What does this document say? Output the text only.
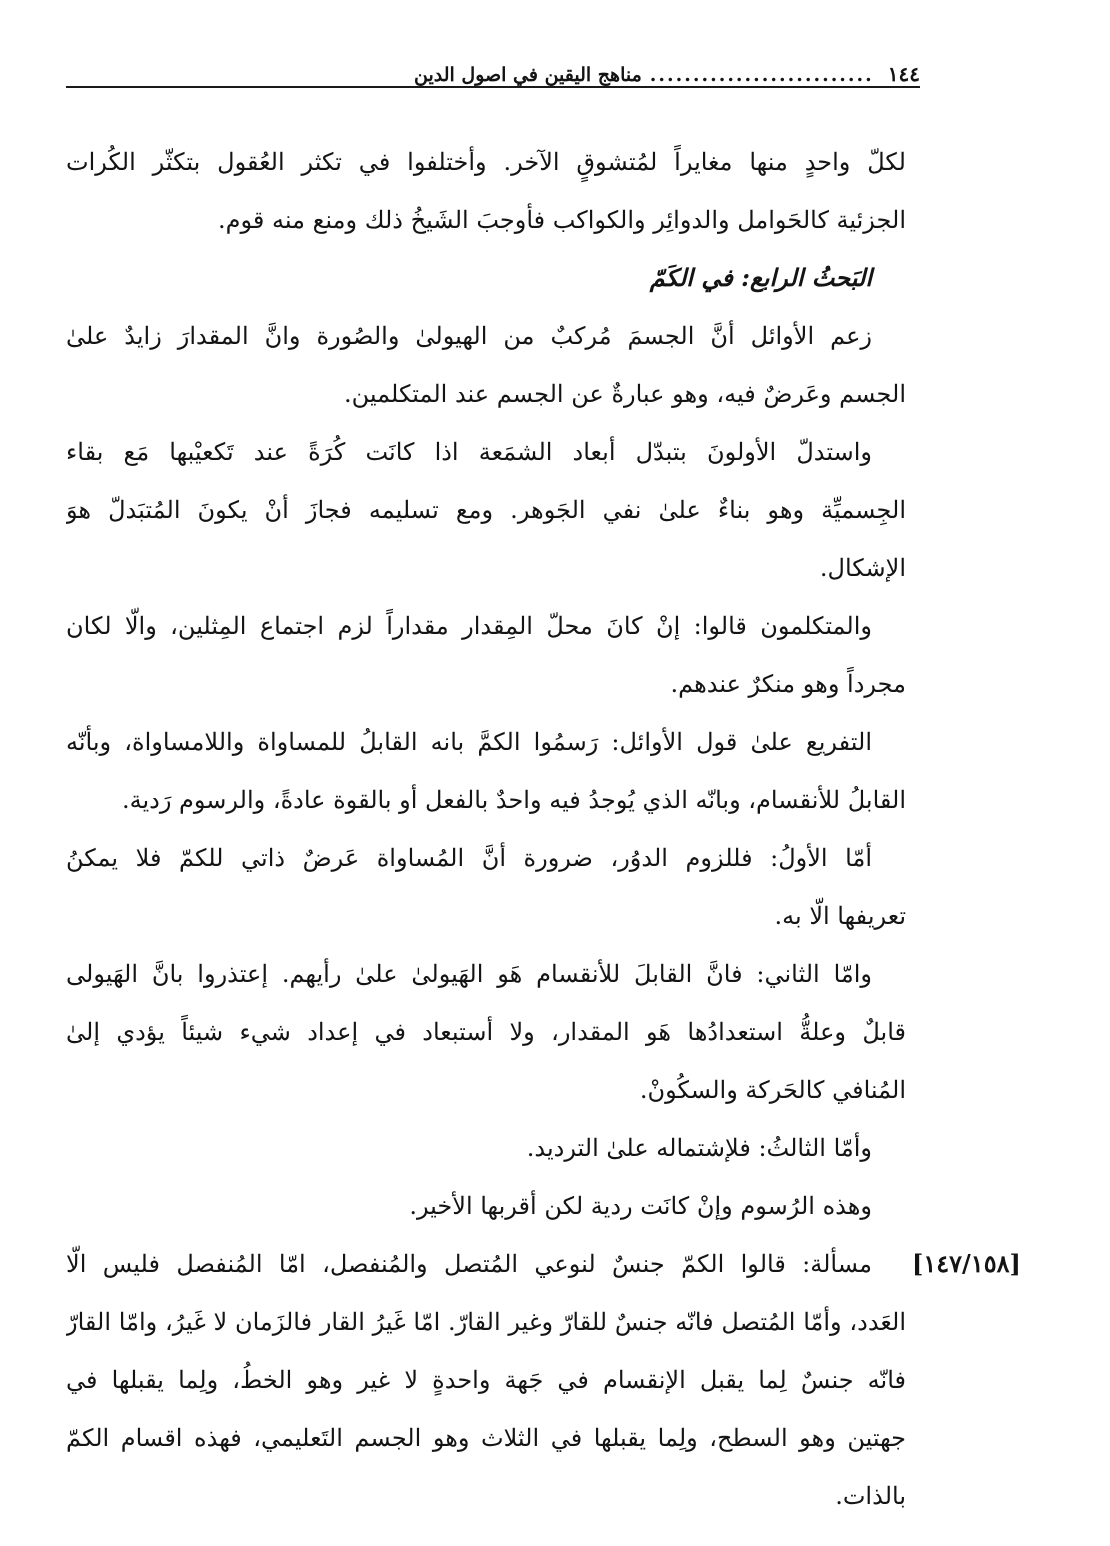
١٤٤
..........................
مناهج اليقين في اصول الدين
[١٤٧/١٥٨]
لكلّ واحدٍ منها مغايراً لمُتشوقٍ الآخر. وأختلفوا في تكثر العُقول بتكثّر الكُرات
الجزئية كالحَوامل والدوائِر والكواكب فأوجبَ الشَيخُ ذلك ومنع منه قوم.
البَحثُ الرابع: في الكَمّ
زعم الأوائل أنَّ الجسمَ مُركبٌ من الهيولىٰ والصُورة وانَّ المقدارَ زايدٌ علىٰ
الجسم وعَرضٌ فيه، وهو عبارةٌ عن الجسم عند المتكلمين.
واستدلّ الأولونَ بتبدّل أبعاد الشمَعة اذا كانَت كُرَةً عند تَكعيْبها مَع بقاء
الجِسميِّة وهو بناءٌ علىٰ نفي الجَوهر. ومع تسليمه فجازَ أنْ يكونَ المُتبَدلّ هوَ
الإشكال.
والمتكلمون قالوا: إنْ كانَ محلّ المِقدار مقداراً لزم اجتماع المِثلين، والّا لكان
مجرداً وهو منكرٌ عندهم.
التفريع علىٰ قول الأوائل: رَسمُوا الكمَّ بانه القابلُ للمساواة واللامساواة، وبأنّه
القابلُ للأنقسام، وبانّه الذي يُوجدُ فيه واحدٌ بالفعل أو بالقوة عادةً، والرسوم رَدية.
أمّا الأولُ: فللزوم الدوُر، ضرورة أنَّ المُساواة عَرضٌ ذاتي للكمّ فلا يمكنُ
تعريفها الّا به.
وامّا الثاني: فانَّ القابلَ للأنقسام هَو الهَيولىٰ علىٰ رأيهم. إعتذروا بانَّ الهَيولى
قابلٌ وعلةُّ استعدادُها هَو المقدار، ولا أستبعاد في إعداد شيء شيئاً يؤدي إلىٰ
المُنافي كالحَركة والسكُونْ.
وأمّا الثالثُ: فلإشتماله علىٰ الترديد.
وهذه الرُسوم وإنْ كانَت ردية لكن أقربها الأخير.
مسألة: قالوا الكمّ جنسٌ لنوعي المُتصل والمُنفصل، امّا المُنفصل فليس الّا
العَدد، وأمّا المُتصل فانّه جنسٌ للقارّ وغير القارّ. امّا غَيرُ القار فالزَمان لا غَيرُ، وامّا القارّ
فانّه جنسٌ لِما يقبل الإنقسام في جَهة واحدةٍ لا غير وهو الخطُ، ولِما يقبلها في
جهتين وهو السطح، ولِما يقبلها في الثلاث وهو الجسم التَعليمي، فهذه اقسام الكمّ
بالذات.
